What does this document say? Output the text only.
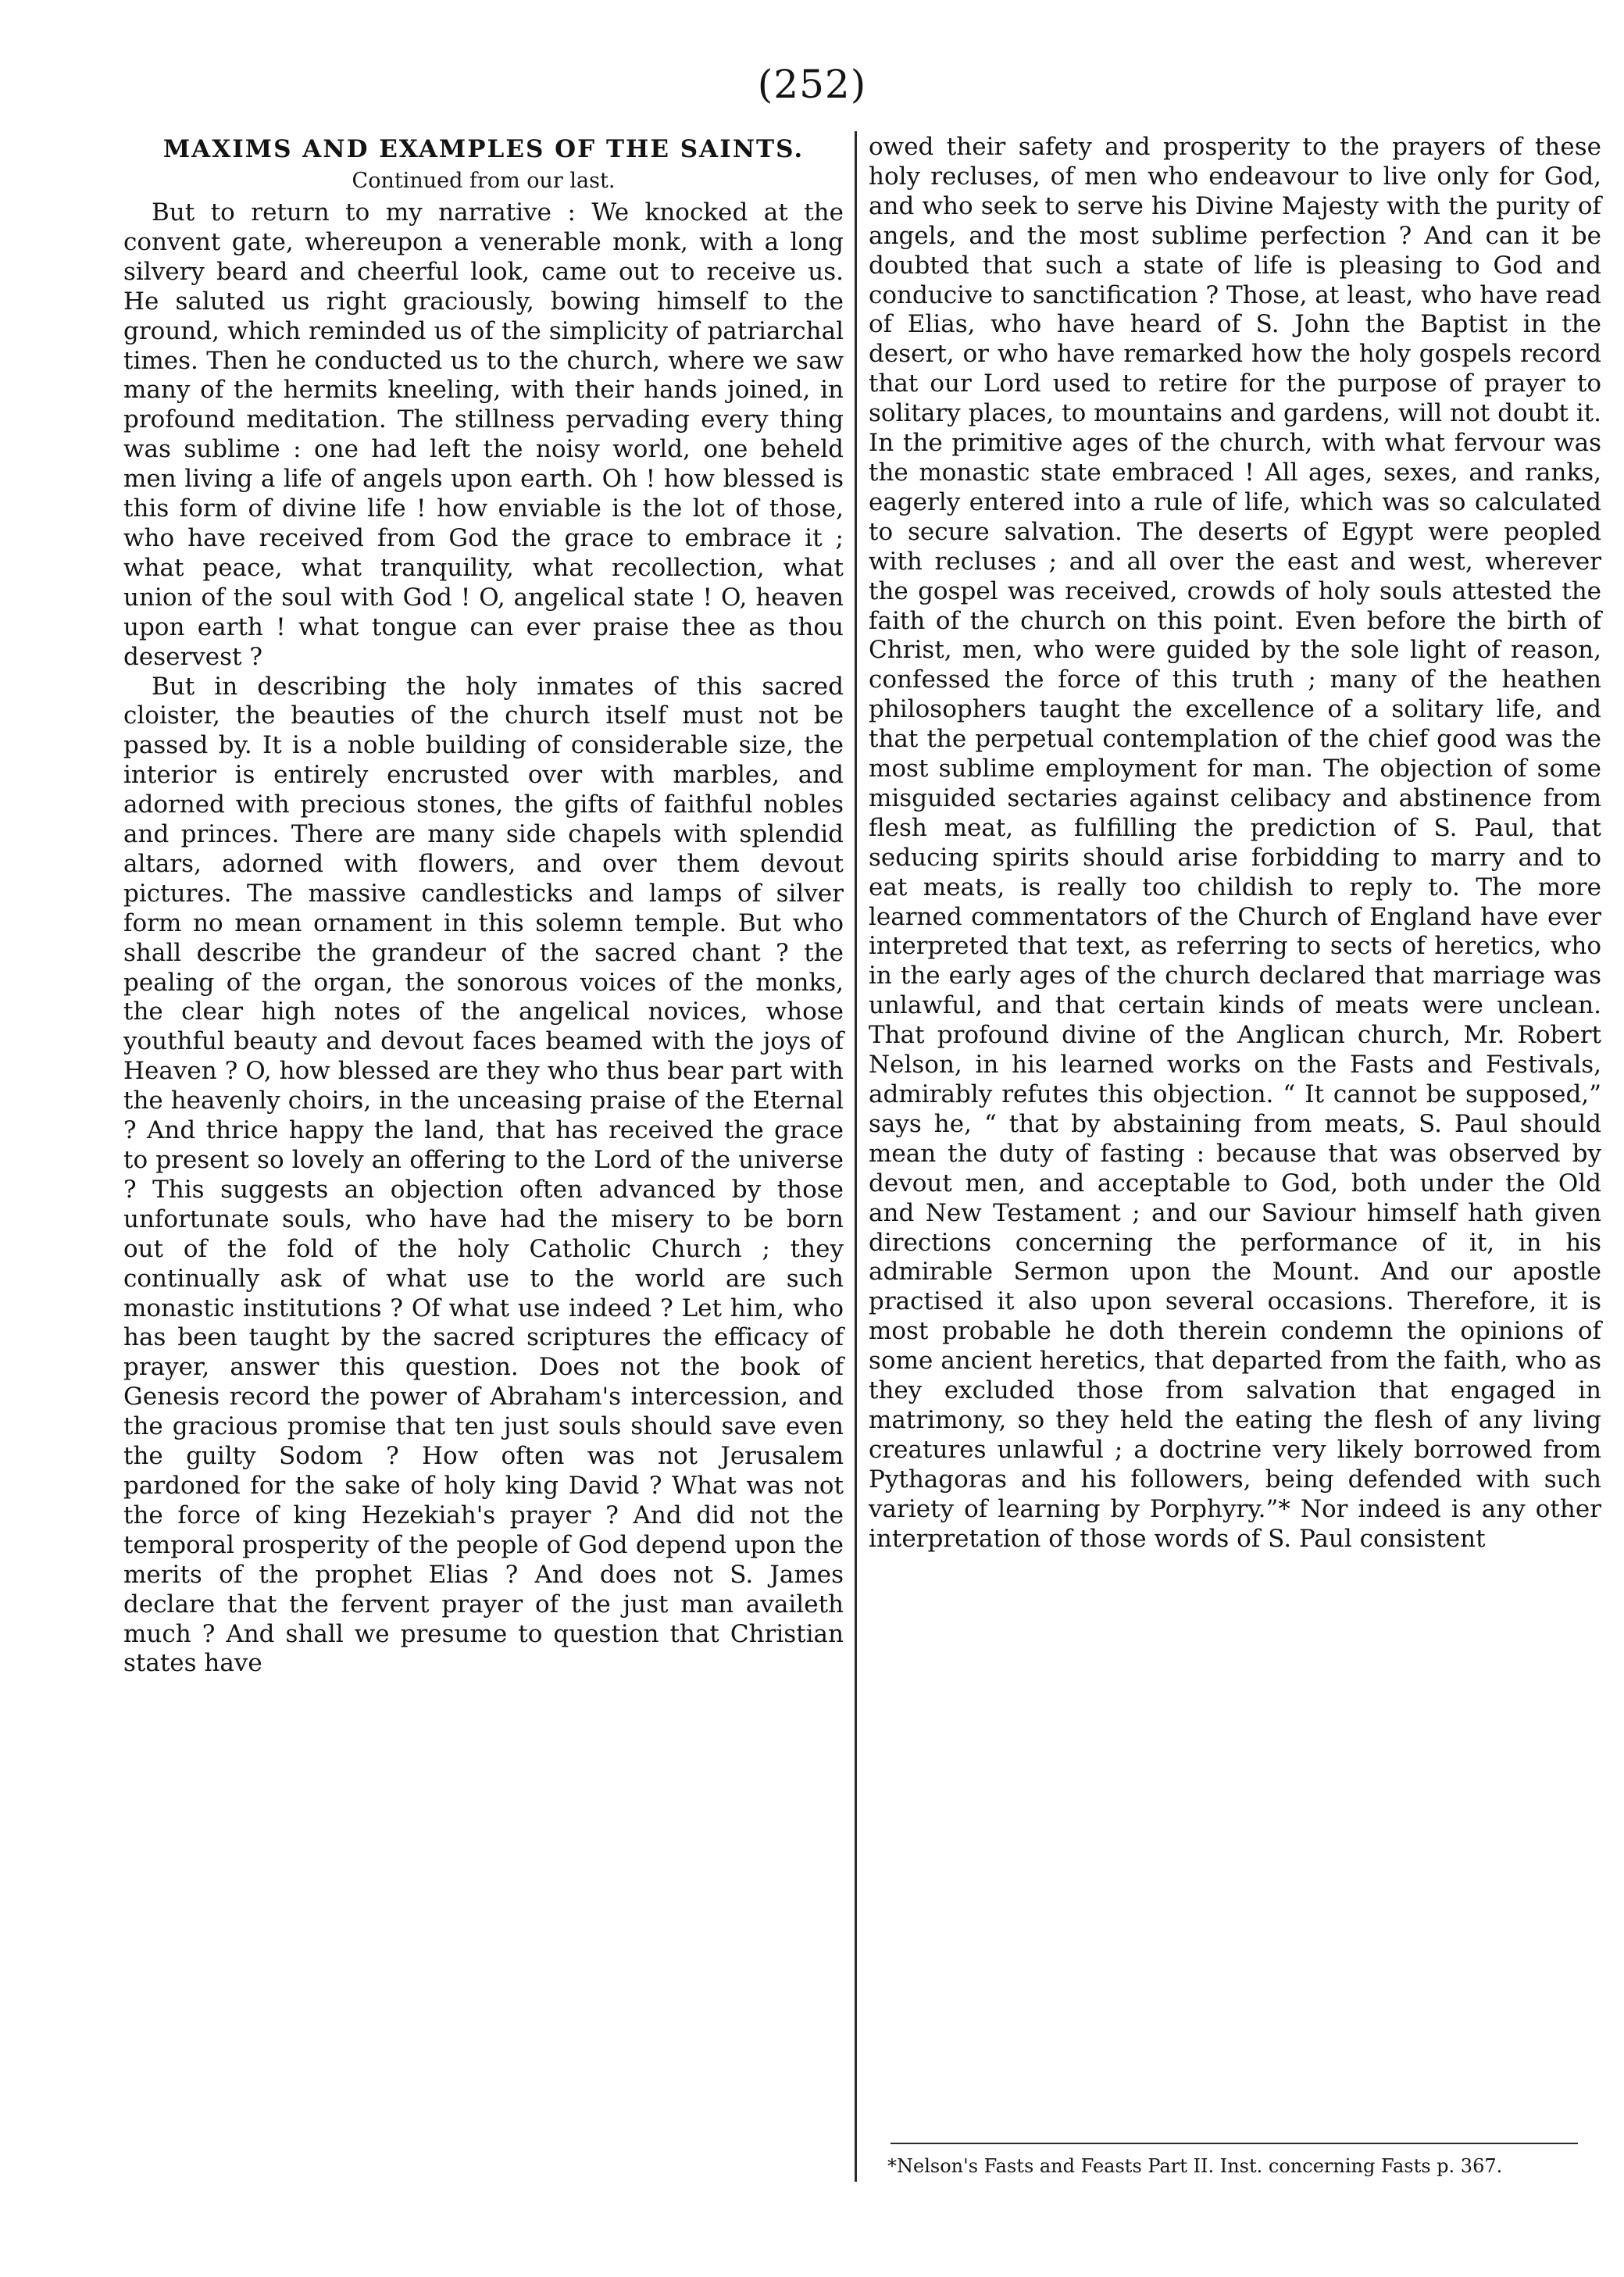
(252)
MAXIMS AND EXAMPLES OF THE SAINTS.
Continued from our last.

But to return to my narrative : We knocked at the convent gate, whereupon a venerable monk, with a long silvery beard and cheerful look, came out to receive us. He saluted us right graciously, bowing himself to the ground, which reminded us of the simplicity of patriarchal times. Then he conducted us to the church, where we saw many of the hermits kneeling, with their hands joined, in profound meditation. The stillness pervading every thing was sublime : one had left the noisy world, one beheld men living a life of angels upon earth. Oh ! how blessed is this form of divine life ! how enviable is the lot of those, who have received from God the grace to embrace it ; what peace, what tranquility, what recollection, what union of the soul with God ! O, angelical state ! O, heaven upon earth ! what tongue can ever praise thee as thou deservest ?

But in describing the holy inmates of this sacred cloister, the beauties of the church itself must not be passed by. It is a noble building of considerable size, the interior is entirely encrusted over with marbles, and adorned with precious stones, the gifts of faithful nobles and princes. There are many side chapels with splendid altars, adorned with flowers, and over them devout pictures. The massive candlesticks and lamps of silver form no mean ornament in this solemn temple. But who shall describe the grandeur of the sacred chant ? the pealing of the organ, the sonorous voices of the monks, the clear high notes of the angelical novices, whose youthful beauty and devout faces beamed with the joys of Heaven ? O, how blessed are they who thus bear part with the heavenly choirs, in the unceasing praise of the Eternal ? And thrice happy the land, that has received the grace to present so lovely an offering to the Lord of the universe ? This suggests an objection often advanced by those unfortunate souls, who have had the misery to be born out of the fold of the holy Catholic Church ; they continually ask of what use to the world are such monastic institutions ? Of what use indeed ? Let him, who has been taught by the sacred scriptures the efficacy of prayer, answer this question. Does not the book of Genesis record the power of Abraham's intercession, and the gracious promise that ten just souls should save even the guilty Sodom ? How often was not Jerusalem pardoned for the sake of holy king David ? What was not the force of king Hezekiah's prayer ? And did not the temporal prosperity of the people of God depend upon the merits of the prophet Elias ? And does not S. James declare that the fervent prayer of the just man availeth much ? And shall we presume to question that Christian states have

owed their safety and prosperity to the prayers of these holy recluses, of men who endeavour to live only for God, and who seek to serve his Divine Majesty with the purity of angels, and the most sublime perfection ? And can it be doubted that such a state of life is pleasing to God and conducive to sanctification ? Those, at least, who have read of Elias, who have heard of S. John the Baptist in the desert, or who have remarked how the holy gospels record that our Lord used to retire for the purpose of prayer to solitary places, to mountains and gardens, will not doubt it. In the primitive ages of the church, with what fervour was the monastic state embraced ! All ages, sexes, and ranks, eagerly entered into a rule of life, which was so calculated to secure salvation. The deserts of Egypt were peopled with recluses ; and all over the east and west, wherever the gospel was received, crowds of holy souls attested the faith of the church on this point. Even before the birth of Christ, men, who were guided by the sole light of reason, confessed the force of this truth ; many of the heathen philosophers taught the excellence of a solitary life, and that the perpetual contemplation of the chief good was the most sublime employment for man. The objection of some misguided sectaries against celibacy and abstinence from flesh meat, as fulfilling the prediction of S. Paul, that seducing spirits should arise forbidding to marry and to eat meats, is really too childish to reply to. The more learned commentators of the Church of England have ever interpreted that text, as referring to sects of heretics, who in the early ages of the church declared that marriage was unlawful, and that certain kinds of meats were unclean. That profound divine of the Anglican church, Mr. Robert Nelson, in his learned works on the Fasts and Festivals, admirably refutes this objection. “ It cannot be supposed,” says he, “ that by abstaining from meats, S. Paul should mean the duty of fasting : because that was observed by devout men, and acceptable to God, both under the Old and New Testament ; and our Saviour himself hath given directions concerning the performance of it, in his admirable Sermon upon the Mount. And our apostle practised it also upon several occasions. Therefore, it is most probable he doth therein condemn the opinions of some ancient heretics, that departed from the faith, who as they excluded those from salvation that engaged in matrimony, so they held the eating the flesh of any living creatures unlawful ; a doctrine very likely borrowed from Pythagoras and his followers, being defended with such variety of learning by Porphyry.”* Nor indeed is any other interpretation of those words of S. Paul consistent

*Nelson's Fasts and Feasts Part II. Inst. concerning Fasts p. 367.
